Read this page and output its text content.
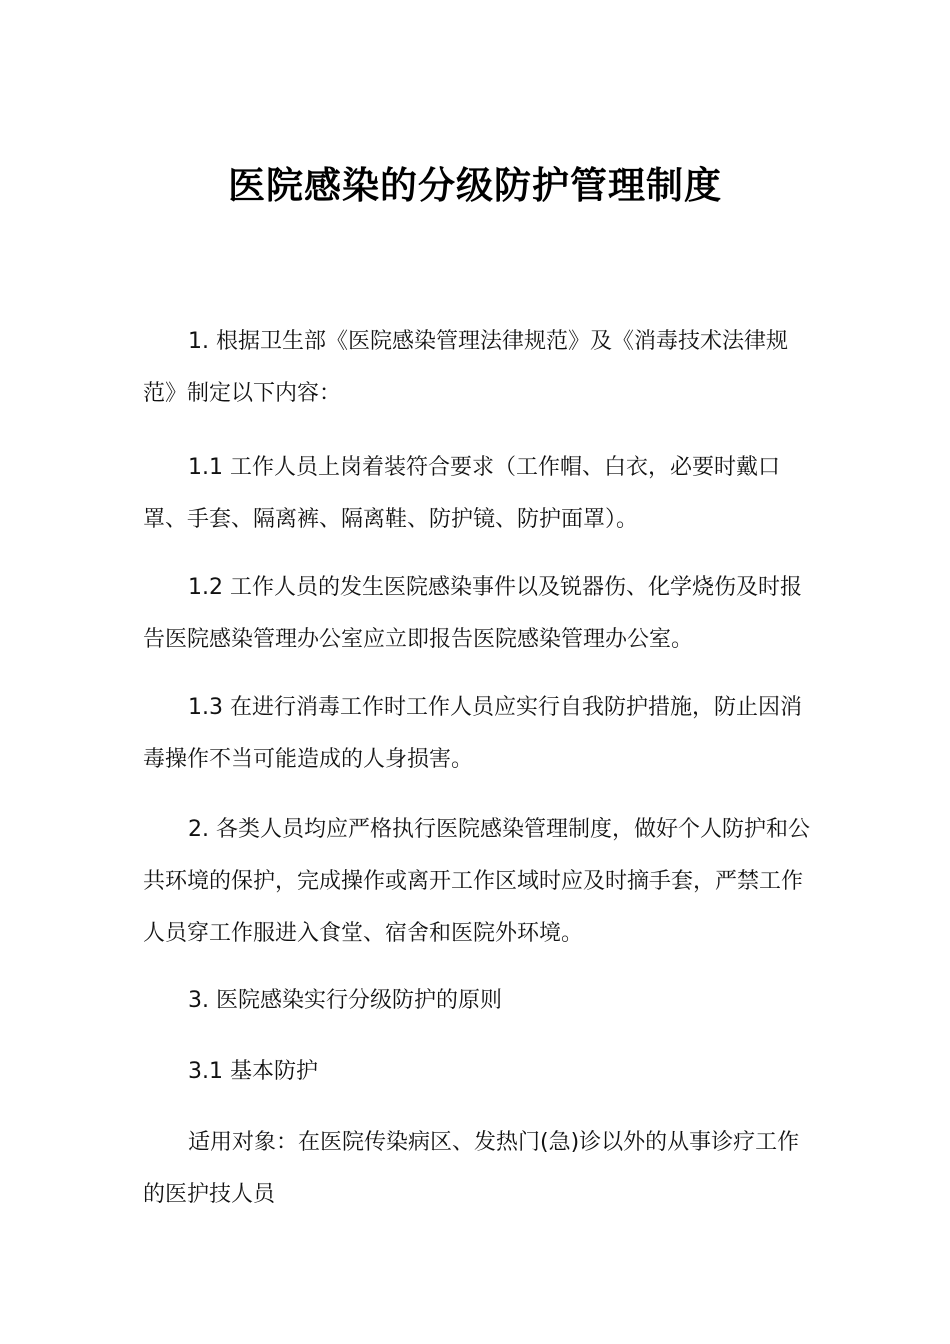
医院感染的分级防护管理制度

1. 根据卫生部《医院感染管理法律规范》及《消毒技术法律规范》制定以下内容：

1.1 工作人员上岗着装符合要求（工作帽、白衣，必要时戴口罩、手套、隔离裤、隔离鞋、防护镜、防护面罩）。

1.2 工作人员的发生医院感染事件以及锐器伤、化学烧伤及时报告医院感染管理办公室应立即报告医院感染管理办公室。

1.3 在进行消毒工作时工作人员应实行自我防护措施，防止因消毒操作不当可能造成的人身损害。

2. 各类人员均应严格执行医院感染管理制度，做好个人防护和公共环境的保护，完成操作或离开工作区域时应及时摘手套，严禁工作人员穿工作服进入食堂、宿舍和医院外环境。

3. 医院感染实行分级防护的原则

3.1 基本防护

适用对象：在医院传染病区、发热门(急)诊以外的从事诊疗工作的医护技人员
